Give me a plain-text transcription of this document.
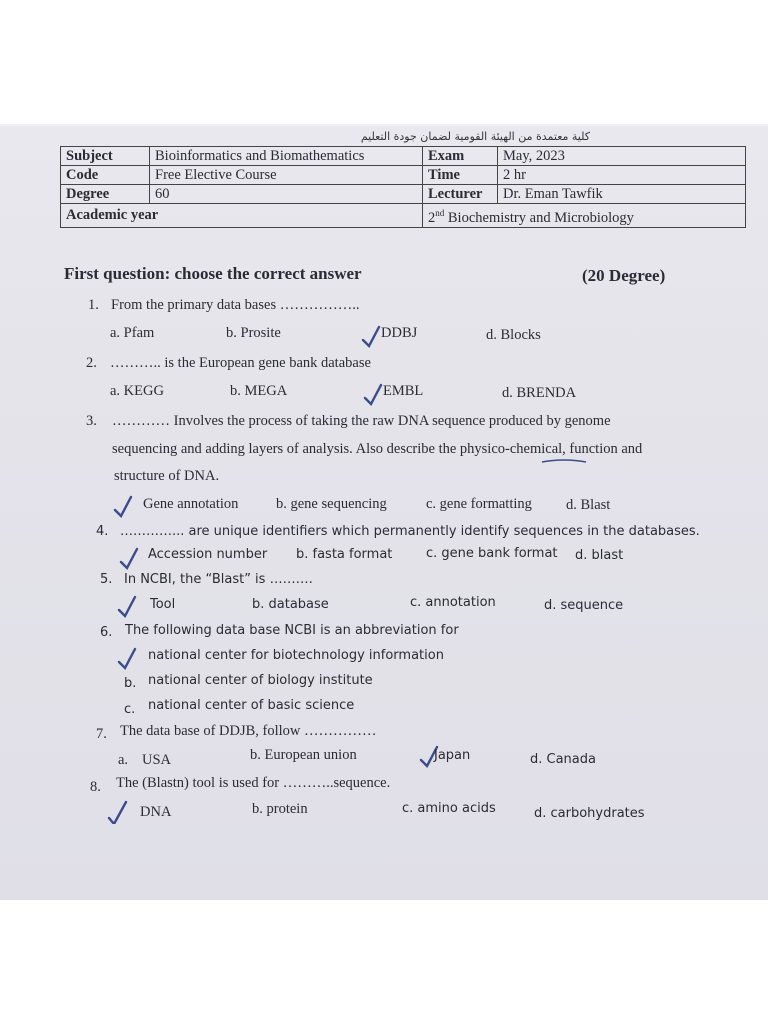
كلية معتمدة من الهيئة القومية لضمان جودة التعليم
Subject	Bioinformatics and Biomathematics	Exam	May, 2023
Code	Free Elective Course	Time	2 hr
Degree	60	Lecturer	Dr. Eman Tawfik
Academic year		2nd Biochemistry and Microbiology	
First question: choose the correct answer	(20 Degree)
1. From the primary data bases ……………..
a. Pfam	b. Prosite	DDBJ	d. Blocks
2. ……….. is the European gene bank database
a. KEGG	b. MEGA	EMBL	d. BRENDA
3. ………… Involves the process of taking the raw DNA sequence produced by genome
sequencing and adding layers of analysis. Also describe the physico-chemical, function and
structure of DNA.
Gene annotation	b. gene sequencing	c. gene formatting d. Blast
4. …………... are unique identifiers which permanently identify sequences in the databases.
Accession number b. fasta format	c. gene bank format d. blast
5. In NCBI, the “Blast” is ……….
Tool	b. database	c. annotation	d. sequence
6. The following data base NCBI is an abbreviation for
national center for biotechnology information
b. national center of biology institute
c. national center of basic science
7. The data base of DDJB, follow ……………
a. USA	b. European union	Japan	d. Canada
8. The (Blastn) tool is used for ………..sequence.
DNA	b. protein	c. amino acids	d. carbohydrates
